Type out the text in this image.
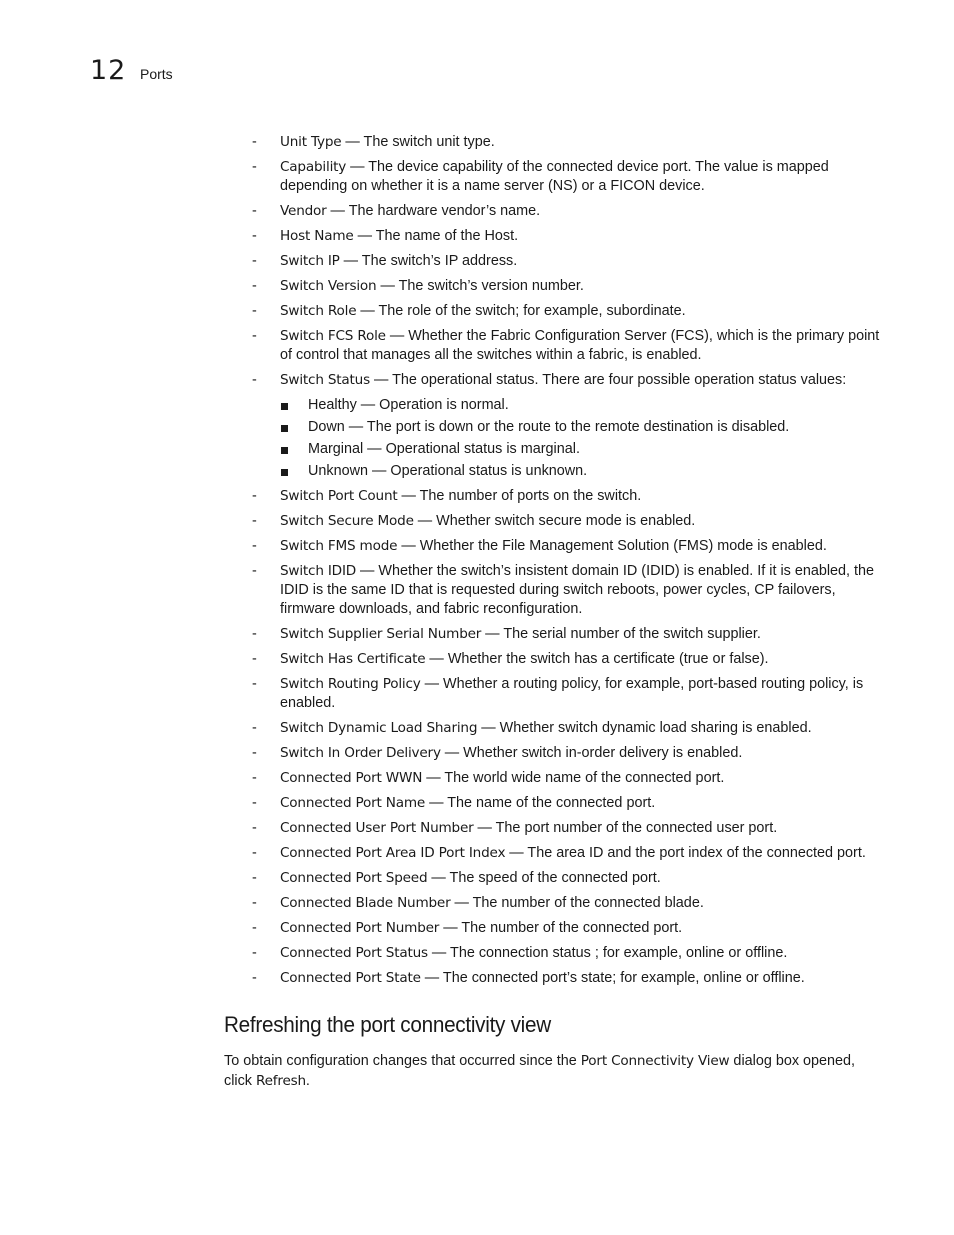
12 Ports
-	Unit Type — The switch unit type.
-	Capability — The device capability of the connected device port. The value is mapped depending on whether it is a name server (NS) or a FICON device.
-	Vendor — The hardware vendor’s name.
-	Host Name — The name of the Host.
-	Switch IP — The switch’s IP address.
-	Switch Version — The switch’s version number.
-	Switch Role — The role of the switch; for example, subordinate.
-	Switch FCS Role — Whether the Fabric Configuration Server (FCS), which is the primary point of control that manages all the switches within a fabric, is enabled.
-	Switch Status — The operational status. There are four possible operation status values:
Healthy — Operation is normal.
Down — The port is down or the route to the remote destination is disabled.
Marginal — Operational status is marginal.
Unknown — Operational status is unknown.
-	Switch Port Count — The number of ports on the switch.
-	Switch Secure Mode — Whether switch secure mode is enabled.
-	Switch FMS mode — Whether the File Management Solution (FMS) mode is enabled.
-	Switch IDID — Whether the switch’s insistent domain ID (IDID) is enabled. If it is enabled, the IDID is the same ID that is requested during switch reboots, power cycles, CP failovers, firmware downloads, and fabric reconfiguration.
-	Switch Supplier Serial Number — The serial number of the switch supplier.
-	Switch Has Certificate — Whether the switch has a certificate (true or false).
-	Switch Routing Policy — Whether a routing policy, for example, port-based routing policy, is enabled.
-	Switch Dynamic Load Sharing — Whether switch dynamic load sharing is enabled.
-	Switch In Order Delivery — Whether switch in-order delivery is enabled.
-	Connected Port WWN — The world wide name of the connected port.
-	Connected Port Name — The name of the connected port.
-	Connected User Port Number — The port number of the connected user port.
-	Connected Port Area ID Port Index — The area ID and the port index of the connected port.
-	Connected Port Speed — The speed of the connected port.
-	Connected Blade Number — The number of the connected blade.
-	Connected Port Number — The number of the connected port.
-	Connected Port Status — The connection status ; for example, online or offline.
-	Connected Port State — The connected port’s state; for example, online or offline.
Refreshing the port connectivity view

To obtain configuration changes that occurred since the Port Connectivity View dialog box opened, click Refresh.
